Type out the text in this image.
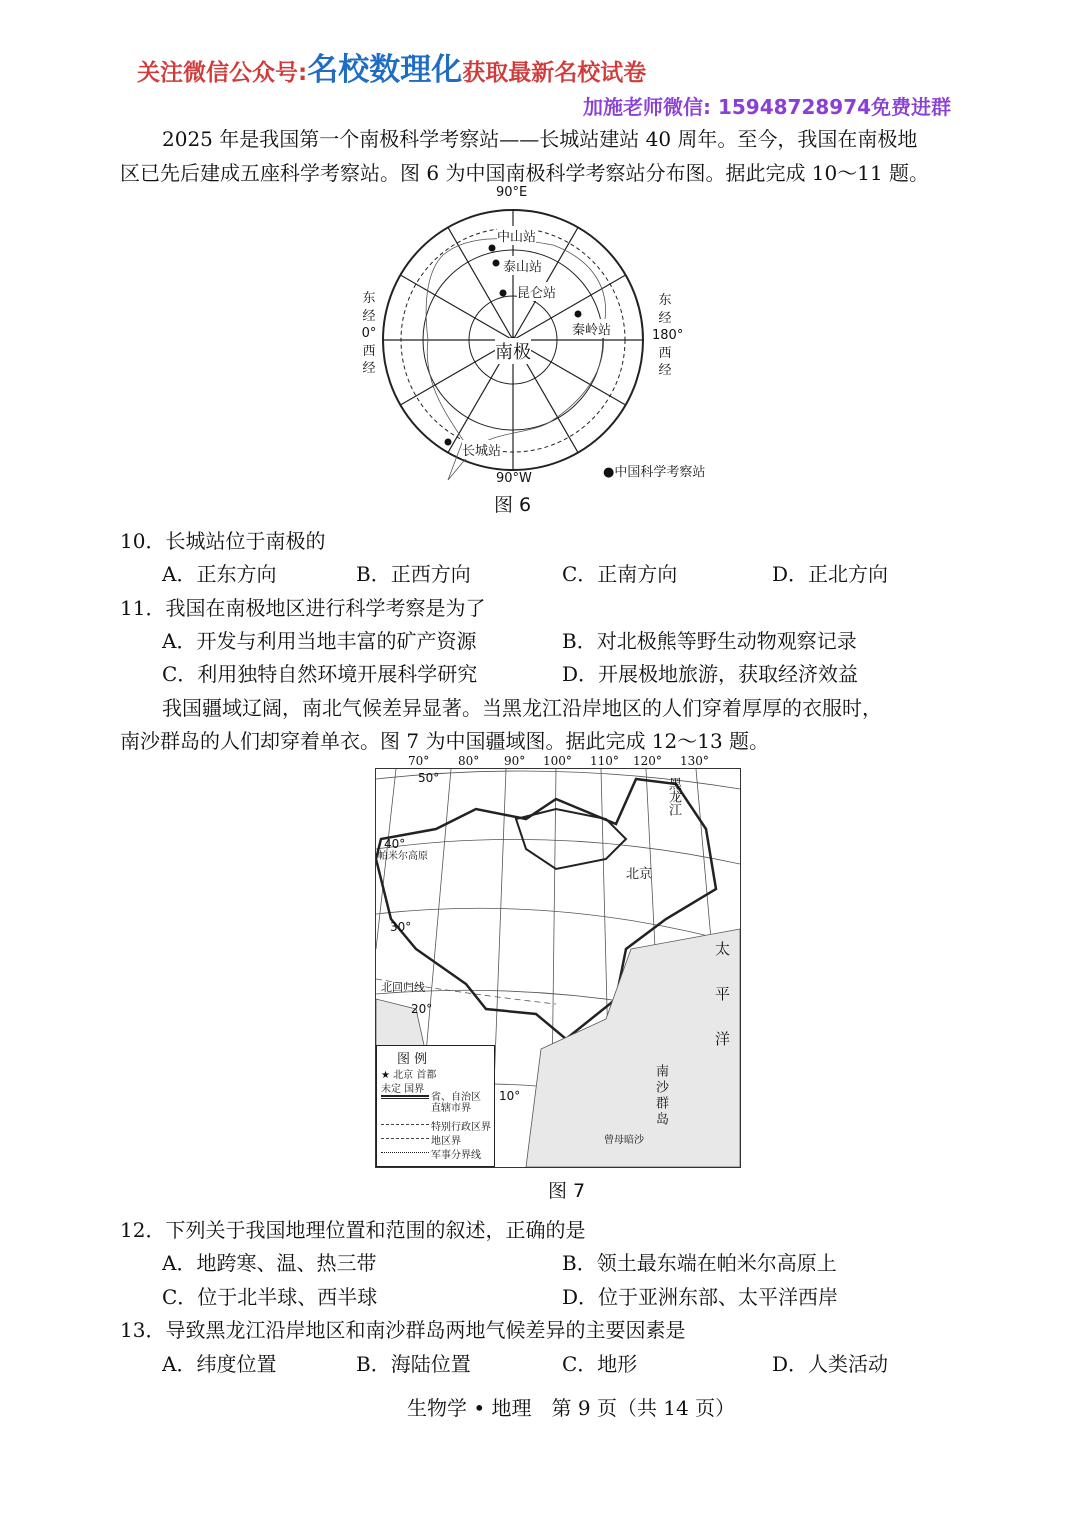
关注微信公众号:名校数理化获取最新名校试卷
加施老师微信: 15948728974免费进群
2025 年是我国第一个南极科学考察站——长城站建站 40 周年。至今，我国在南极地
区已先后建成五座科学考察站。图 6 为中国南极科学考察站分布图。据此完成 10～11 题。
90°E
90°W
东
经
0°
西
经
东
经
180°
西
经
南极
中山站
泰山站
昆仑站
秦岭站
长城站
●中国科学考察站
图 6
10．长城站位于南极的
A．正东方向	B．正西方向	C．正南方向	D．正北方向
11．我国在南极地区进行科学考察是为了
A．开发与利用当地丰富的矿产资源	B．对北极熊等野生动物观察记录
C．利用独特自然环境开展科学研究	D．开展极地旅游，获取经济效益
我国疆域辽阔，南北气候差异显著。当黑龙江沿岸地区的人们穿着厚厚的衣服时，
南沙群岛的人们却穿着单衣。图 7 为中国疆域图。据此完成 12～13 题。
70° 80° 90° 100° 110° 120° 130°
50°
40°
30°
20°
10°
帕米尔高原
北回归线
黑龙江
北京
太平洋
南沙群岛
曾母暗沙
图 例
★ 北京 首都
未定 国界
省、自治区 直辖市界
特别行政区界
地区界
军事分界线
图 7
12．下列关于我国地理位置和范围的叙述，正确的是
A．地跨寒、温、热三带	B．领土最东端在帕米尔高原上
C．位于北半球、西半球	D．位于亚洲东部、太平洋西岸
13．导致黑龙江沿岸地区和南沙群岛两地气候差异的主要因素是
A．纬度位置	B．海陆位置	C．地形	D．人类活动
生物学 • 地理　第 9 页（共 14 页）
